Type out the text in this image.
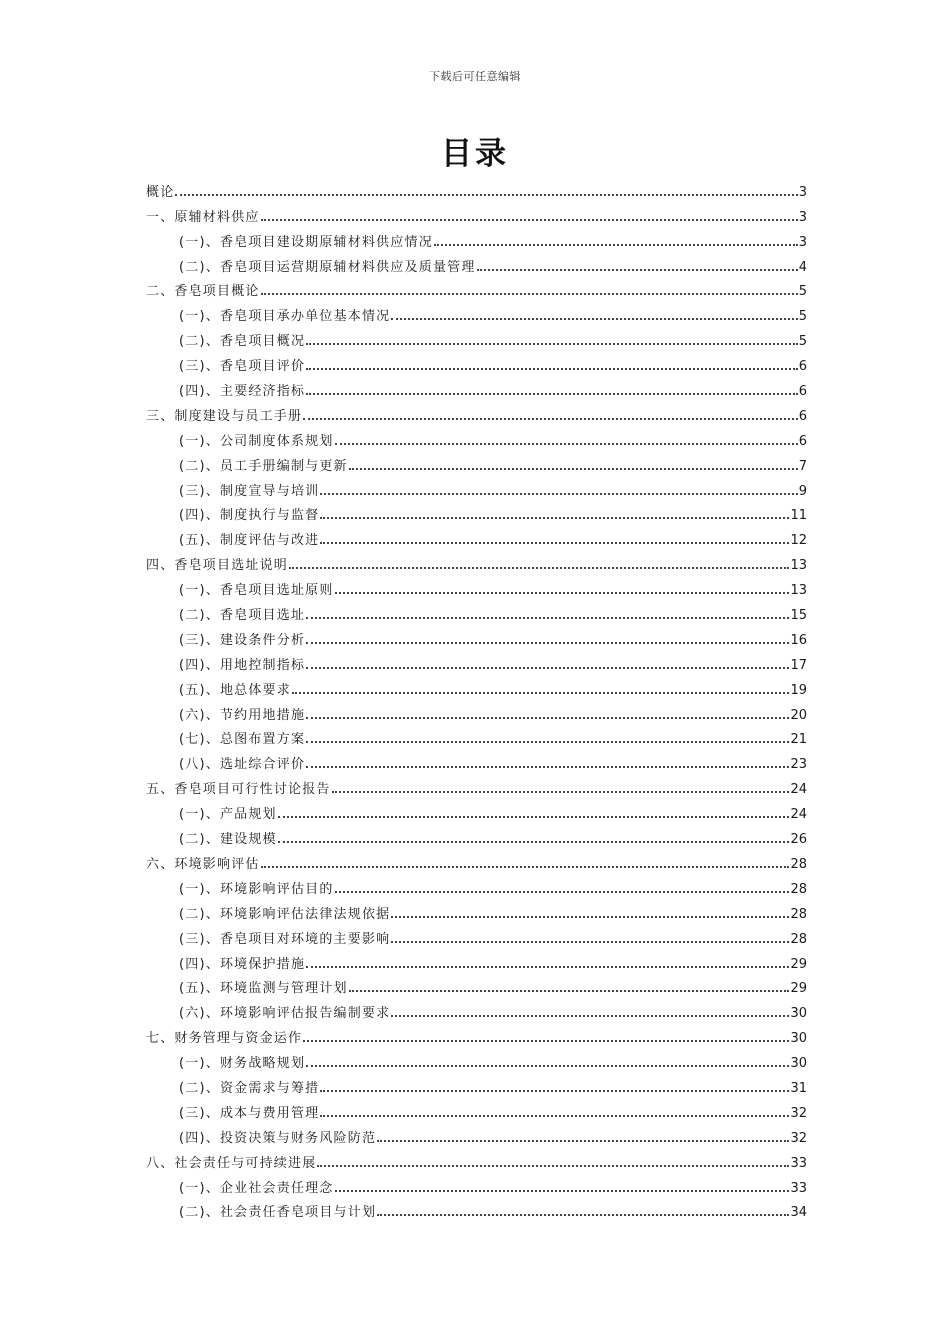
下载后可任意编辑
目录
概论	3
一、原辅材料供应	3
(一)、香皂项目建设期原辅材料供应情况	3
(二)、香皂项目运营期原辅材料供应及质量管理	4
二、香皂项目概论	5
(一)、香皂项目承办单位基本情况	5
(二)、香皂项目概况	5
(三)、香皂项目评价	6
(四)、主要经济指标	6
三、制度建设与员工手册	6
(一)、公司制度体系规划	6
(二)、员工手册编制与更新	7
(三)、制度宣导与培训	9
(四)、制度执行与监督	11
(五)、制度评估与改进	12
四、香皂项目选址说明	13
(一)、香皂项目选址原则	13
(二)、香皂项目选址	15
(三)、建设条件分析	16
(四)、用地控制指标	17
(五)、地总体要求	19
(六)、节约用地措施	20
(七)、总图布置方案	21
(八)、选址综合评价	23
五、香皂项目可行性讨论报告	24
(一)、产品规划	24
(二)、建设规模	26
六、环境影响评估	28
(一)、环境影响评估目的	28
(二)、环境影响评估法律法规依据	28
(三)、香皂项目对环境的主要影响	28
(四)、环境保护措施	29
(五)、环境监测与管理计划	29
(六)、环境影响评估报告编制要求	30
七、财务管理与资金运作	30
(一)、财务战略规划	30
(二)、资金需求与筹措	31
(三)、成本与费用管理	32
(四)、投资决策与财务风险防范	32
八、社会责任与可持续进展	33
(一)、企业社会责任理念	33
(二)、社会责任香皂项目与计划	34
